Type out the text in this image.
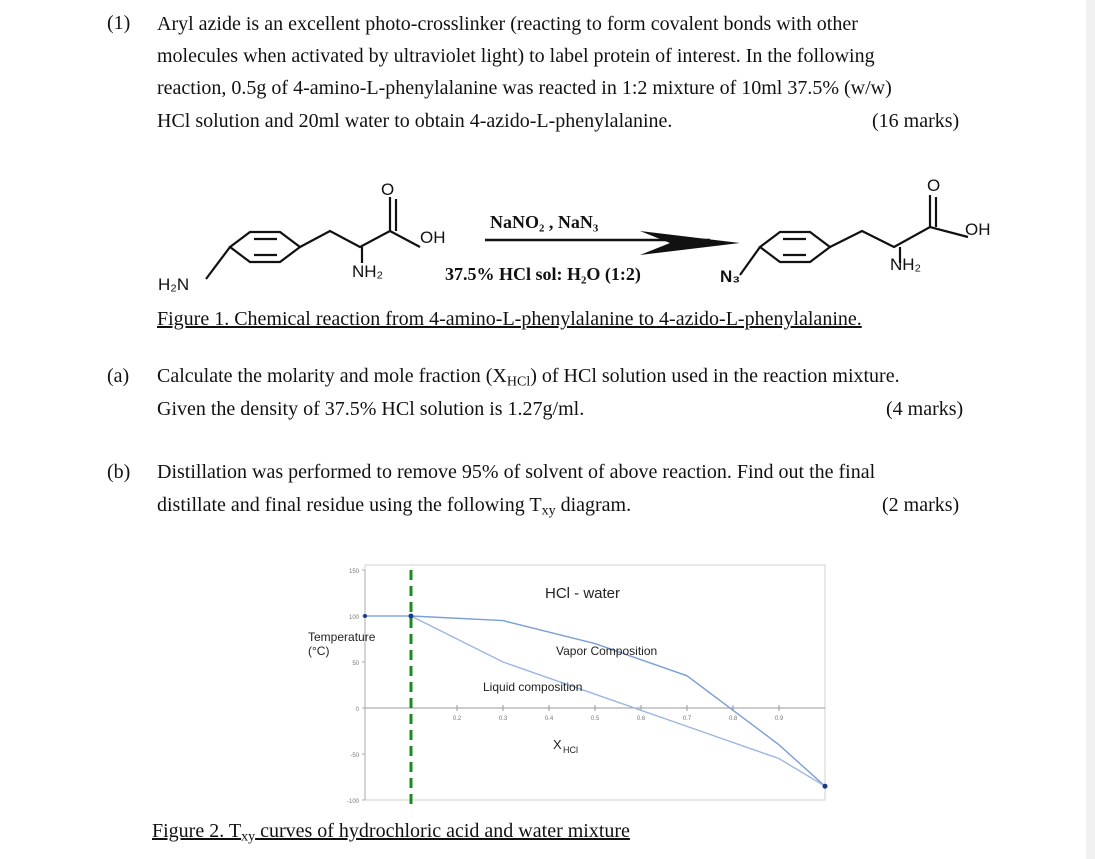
(1) Aryl azide is an excellent photo-crosslinker (reacting to form covalent bonds with other
molecules when activated by ultraviolet light) to label protein of interest. In the following
reaction, 0.5g of 4-amino-L-phenylalanine was reacted in 1:2 mixture of 10ml 37.5% (w/w)
HCl solution and 20ml water to obtain 4-azido-L-phenylalanine.	(16 marks)
O
OH
NH₂
H₂N
NaNO₂ , NaN₃
37.5% HCl sol: H₂O (1:2)	N₃
O
OH
NH₂
Figure 1. Chemical reaction from 4-amino-L-phenylalanine to 4-azido-L-phenylalanine.
(a) Calculate the molarity and mole fraction $(X_{HCl})$ of HCl solution used in the reaction mixture.
Given the density of 37.5% HCl solution is 1.27g/ml.	(4 marks)
(b) Distillation was performed to remove 95% of solvent of above reaction. Find out the final
distillate and final residue using the following $T_{xy}$ diagram.	(2 marks)
150
100
50
0
-50
-100
0.2	0.3	0.4	0.5	0.6	0.7	0.8	0.9
HCl - water
Temperature
(°C)	Vapor Composition
Liquid composition
X HCl
Figure 2. $T_{xy}$ curves of hydrochloric acid and water mixture
